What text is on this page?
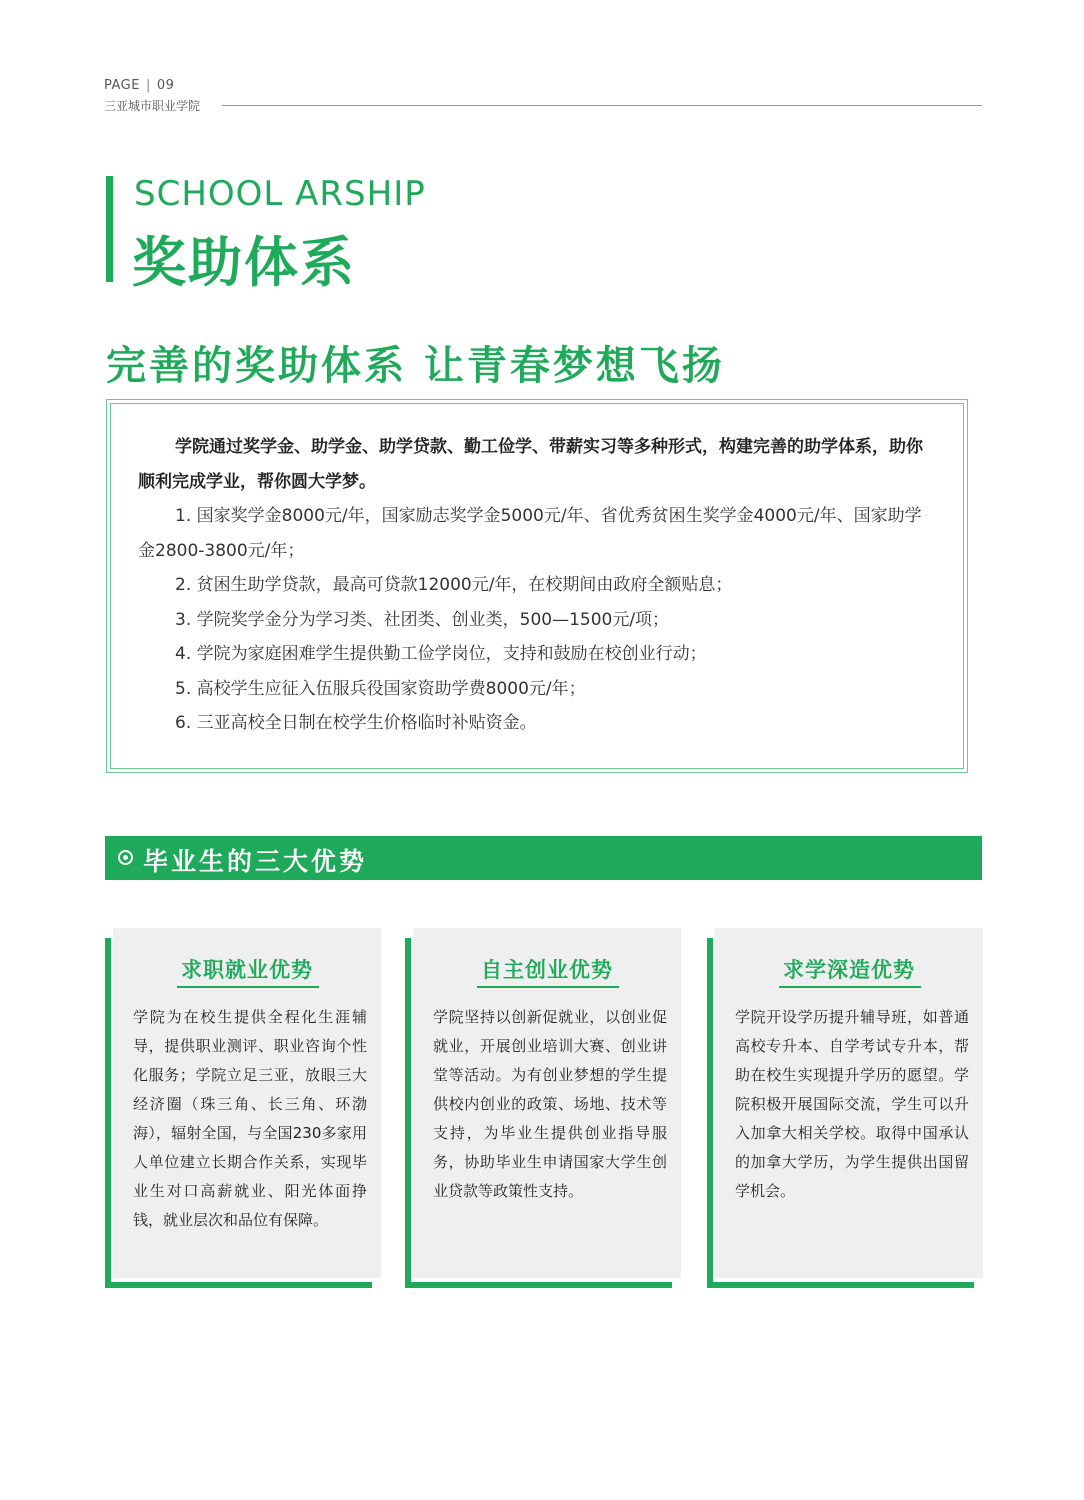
PAGE | 09
三亚城市职业学院
SCHOOL ARSHIP
奖助体系
完善的奖助体系 让青春梦想飞扬

学院通过奖学金、助学金、助学贷款、勤工俭学、带薪实习等多种形式，构建完善的助学体系，助你顺利完成学业，帮你圆大学梦。

1. 国家奖学金8000元/年，国家励志奖学金5000元/年、省优秀贫困生奖学金4000元/年、国家助学金2800-3800元/年；

2. 贫困生助学贷款，最高可贷款12000元/年，在校期间由政府全额贴息；

3. 学院奖学金分为学习类、社团类、创业类，500—1500元/项；

4. 学院为家庭困难学生提供勤工俭学岗位，支持和鼓励在校创业行动；

5. 高校学生应征入伍服兵役国家资助学费8000元/年；

6. 三亚高校全日制在校学生价格临时补贴资金。

毕业生的三大优势
求职就业优势
学院为在校生提供全程化生涯辅导，提供职业测评、职业咨询个性化服务；学院立足三亚，放眼三大经济圈（珠三角、长三角、环渤海），辐射全国，与全国230多家用人单位建立长期合作关系，实现毕业生对口高薪就业、阳光体面挣钱，就业层次和品位有保障。
自主创业优势
学院坚持以创新促就业，以创业促就业，开展创业培训大赛、创业讲堂等活动。为有创业梦想的学生提供校内创业的政策、场地、技术等支持，为毕业生提供创业指导服务，协助毕业生申请国家大学生创业贷款等政策性支持。
求学深造优势
学院开设学历提升辅导班，如普通高校专升本、自学考试专升本，帮助在校生实现提升学历的愿望。学院积极开展国际交流，学生可以升入加拿大相关学校。取得中国承认的加拿大学历，为学生提供出国留学机会。
